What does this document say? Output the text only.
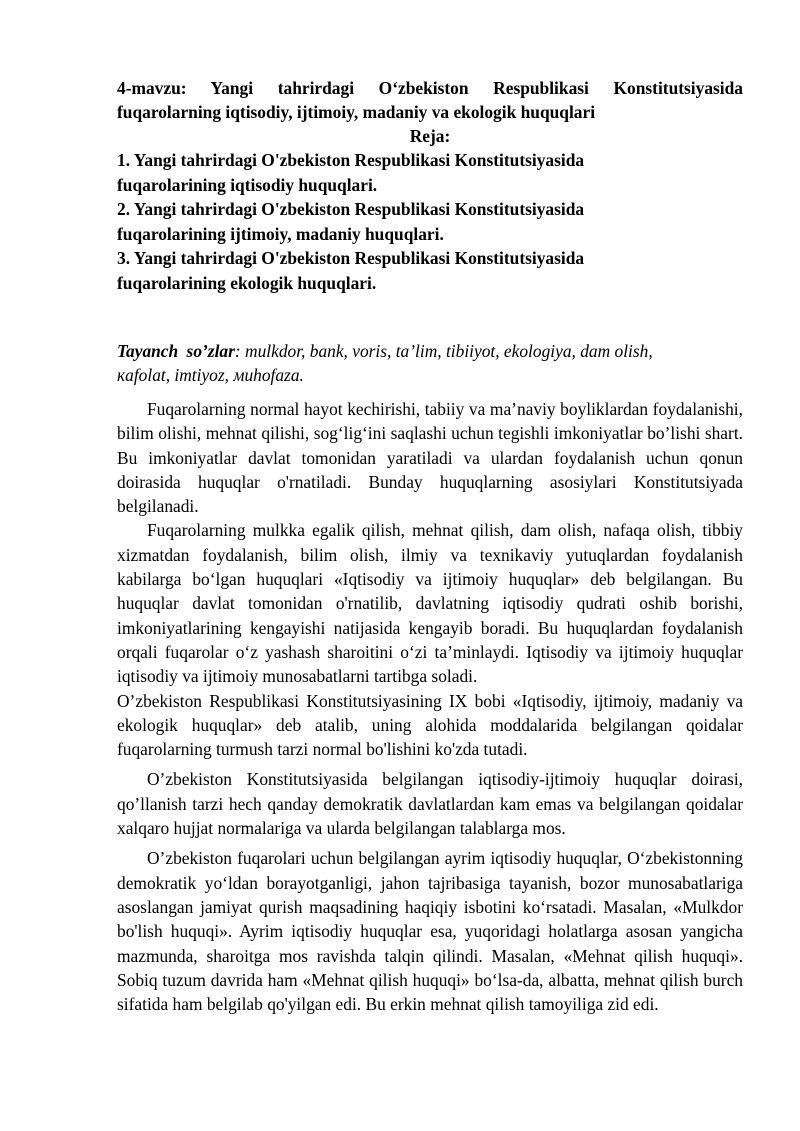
4-mavzu: Yangi tahrirdagi O‘zbekiston Respublikasi Konstitutsiyasida fuqarolarning iqtisodiy, ijtimoiy, madaniy va ekologik huquqlari

Reja:

1. Yangi tahrirdagi O'zbekiston Respublikasi Konstitutsiyasida fuqarolarining iqtisodiy huquqlari.

2. Yangi tahrirdagi O'zbekiston Respublikasi Konstitutsiyasida fuqarolarining ijtimoiy, madaniy huquqlari.

3. Yangi tahrirdagi O'zbekiston Respublikasi Konstitutsiyasida fuqarolarining ekologik huquqlari.

Tayanch so’zlar: mulkdor, bank, voris, ta’lim, tibiiyot, ekologiya, dam olish, кafolat, imtiyoz, мuhofaza.

Fuqarolarning normal hayot kechirishi, tabiiy va ma’naviy boyliklardan foydalanishi, bilim olishi, mehnat qilishi, sog‘lig‘ini saqlashi uchun tegishli imkoniyatlar bo’lishi shart. Bu imkoniyatlar davlat tomonidan yaratiladi va ulardan foydalanish uchun qonun doirasida huquqlar o'rnatiladi. Bunday huquqlarning asosiylari Konstitutsiyada belgilanadi.

Fuqarolarning mulkka egalik qilish, mehnat qilish, dam olish, nafaqa olish, tibbiy xizmatdan foydalanish, bilim olish, ilmiy va texnikaviy yutuqlardan foydalanish kabilarga bo‘lgan huquqlari «Iqtisodiy va ijtimoiy huquqlar» deb belgilangan. Bu huquqlar davlat tomonidan o'rnatilib, davlatning iqtisodiy qudrati oshib borishi, imkoniyatlarining kengayishi natijasida kengayib boradi. Bu huquqlardan foydalanish orqali fuqarolar o‘z yashash sharoitini o‘zi ta’minlaydi. Iqtisodiy va ijtimoiy huquqlar iqtisodiy va ijtimoiy munosabatlarni tartibga soladi.

O’zbekiston Respublikasi Konstitutsiyasining IX bobi «Iqtisodiy, ijtimoiy, madaniy va ekologik huquqlar» deb atalib, uning alohida moddalarida belgilangan qoidalar fuqarolarning turmush tarzi normal bo'lishini ko'zda tutadi.

O’zbekiston Konstitutsiyasida belgilangan iqtisodiy-ijtimoiy huquqlar doirasi, qo’llanish tarzi hech qanday demokratik davlatlardan kam emas va belgilangan qoidalar xalqaro hujjat normalariga va ularda belgilangan talablarga mos.

O’zbekiston fuqarolari uchun belgilangan ayrim iqtisodiy huquqlar, O‘zbekistonning demokratik yo‘ldan borayotganligi, jahon tajribasiga tayanish, bozor munosabatlariga asoslangan jamiyat qurish maqsadining haqiqiy isbotini ko‘rsatadi. Masalan, «Mulkdor bo'lish huquqi». Ayrim iqtisodiy huquqlar esa, yuqoridagi holatlarga asosan yangicha mazmunda, sharoitga mos ravishda talqin qilindi. Masalan, «Mehnat qilish huquqi». Sobiq tuzum davrida ham «Mehnat qilish huquqi» bo‘lsa-da, albatta, mehnat qilish burch sifatida ham belgilab qo'yilgan edi. Bu erkin mehnat qilish tamoyiliga zid edi.
